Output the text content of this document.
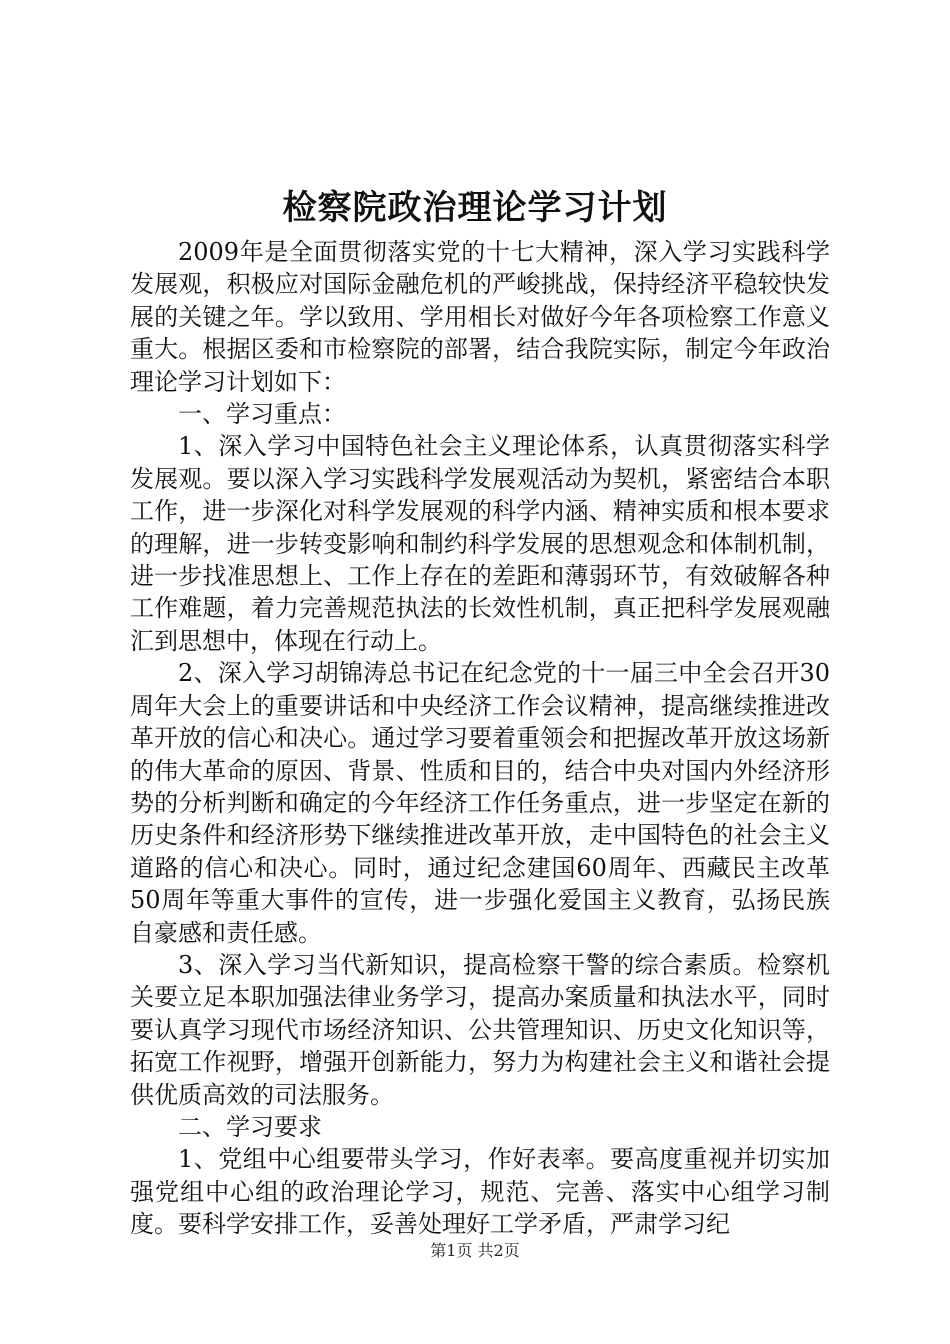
检察院政治理论学习计划

2009年是全面贯彻落实党的十七大精神，深入学习实践科学发展观，积极应对国际金融危机的严峻挑战，保持经济平稳较快发展的关键之年。学以致用、学用相长对做好今年各项检察工作意义重大。根据区委和市检察院的部署，结合我院实际，制定今年政治理论学习计划如下：

一、学习重点：

1、深入学习中国特色社会主义理论体系，认真贯彻落实科学发展观。要以深入学习实践科学发展观活动为契机，紧密结合本职工作，进一步深化对科学发展观的科学内涵、精神实质和根本要求的理解，进一步转变影响和制约科学发展的思想观念和体制机制，进一步找准思想上、工作上存在的差距和薄弱环节，有效破解各种工作难题，着力完善规范执法的长效性机制，真正把科学发展观融汇到思想中，体现在行动上。

2、深入学习胡锦涛总书记在纪念党的十一届三中全会召开30周年大会上的重要讲话和中央经济工作会议精神，提高继续推进改革开放的信心和决心。通过学习要着重领会和把握改革开放这场新的伟大革命的原因、背景、性质和目的，结合中央对国内外经济形势的分析判断和确定的今年经济工作任务重点，进一步坚定在新的历史条件和经济形势下继续推进改革开放，走中国特色的社会主义道路的信心和决心。同时，通过纪念建国60周年、西藏民主改革50周年等重大事件的宣传，进一步强化爱国主义教育，弘扬民族自豪感和责任感。

3、深入学习当代新知识，提高检察干警的综合素质。检察机关要立足本职加强法律业务学习，提高办案质量和执法水平，同时要认真学习现代市场经济知识、公共管理知识、历史文化知识等，拓宽工作视野，增强开创新能力，努力为构建社会主义和谐社会提供优质高效的司法服务。

二、学习要求

1、党组中心组要带头学习，作好表率。要高度重视并切实加强党组中心组的政治理论学习，规范、完善、落实中心组学习制度。要科学安排工作，妥善处理好工学矛盾，严肃学习纪

第1页 共2页
